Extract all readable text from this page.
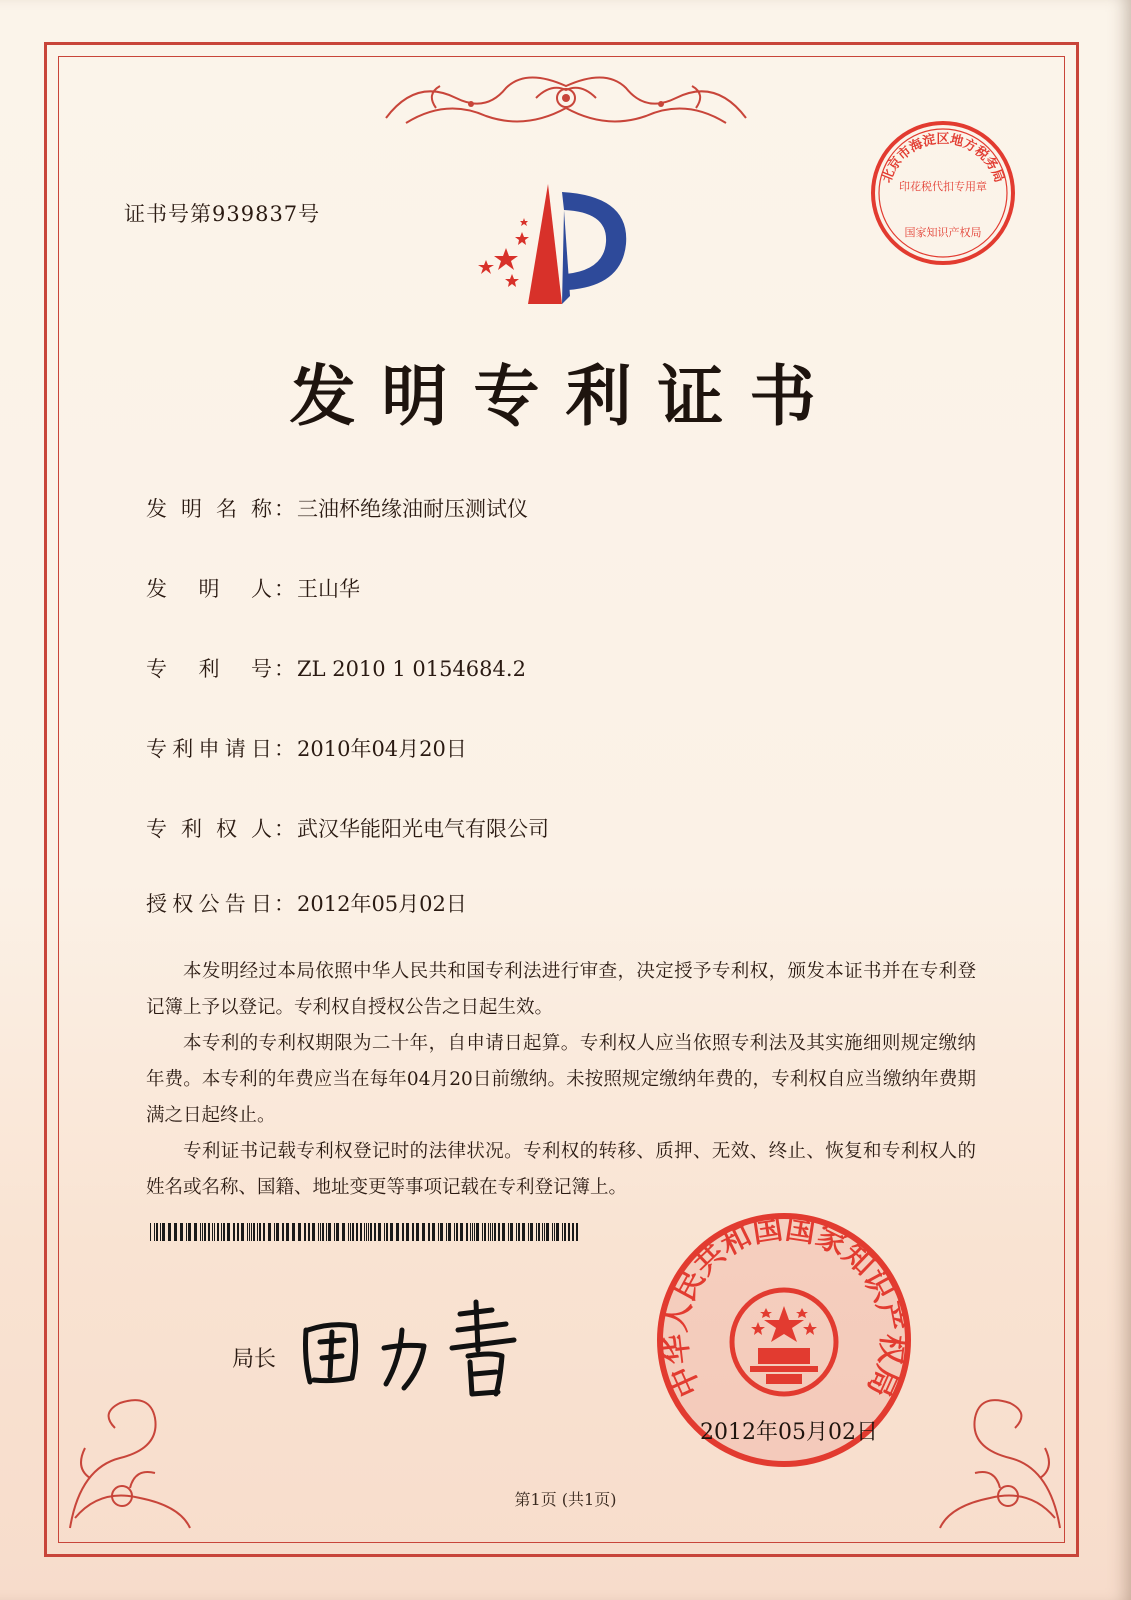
证书号第939837号
北京市海淀区地方税务局
印花税代扣专用章
国家知识产权局
发明专利证书
发明名称：三油杯绝缘油耐压测试仪
发明人：王山华
专利号：ZL 2010 1 0154684.2
专利申请日：2010年04月20日
专利权人：武汉华能阳光电气有限公司
授权公告日：2012年05月02日

本发明经过本局依照中华人民共和国专利法进行审查，决定授予专利权，颁发本证书并在专利登记簿上予以登记。专利权自授权公告之日起生效。

本专利的专利权期限为二十年，自申请日起算。专利权人应当依照专利法及其实施细则规定缴纳年费。本专利的年费应当在每年04月20日前缴纳。未按照规定缴纳年费的，专利权自应当缴纳年费期满之日起终止。

专利证书记载专利权登记时的法律状况。专利权的转移、质押、无效、终止、恢复和专利权人的姓名或名称、国籍、地址变更等事项记载在专利登记簿上。

局长
中华人民共和国国家知识产权局
2012年05月02日
第1页 (共1页)
